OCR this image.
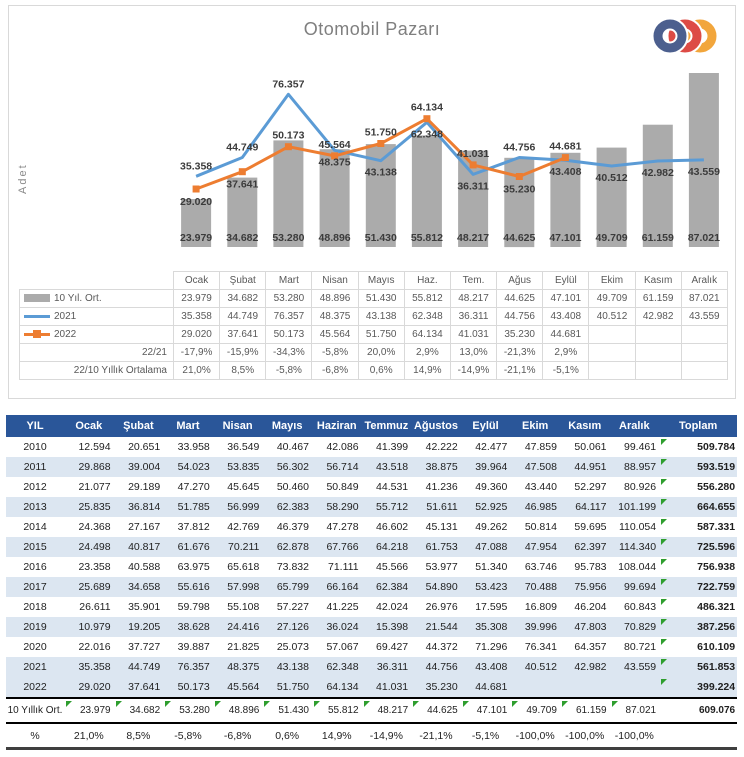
Otomobil Pazarı
Adet
23.979 34.682 53.280 48.896 51.430 55.812 48.217 44.625 47.101 49.709 61.159 87.021
35.358
44.749
76.357
48.375
43.138
62.348
36.311
44.756
43.408 40.512 42.982 43.559
29.020
37.641
50.173
45.564
51.750
64.134
41.031
35.230
44.681
	Ocak	Şubat	Mart	Nisan	Mayıs	Haz.	Tem.	Ağus	Eylül	Ekim	Kasım	Aralık
10 Yıl. Ort.	23.979	34.682	53.280	48.896	51.430	55.812	48.217	44.625	47.101	49.709	61.159	87.021
2021	35.358	44.749	76.357	48.375	43.138	62.348	36.311	44.756	43.408	40.512	42.982	43.559

2022	29.020	37.641	50.173	45.564	51.750	64.134	41.031	35.230	44.681			
22/21	-17,9%	-15,9%	-34,3%	-5,8%	20,0%	2,9%	13,0%	-21,3%	2,9%			
22/10 Yıllık Ortalama	21,0%	8,5%	-5,8%	-6,8%	0,6%	14,9%	-14,9%	-21,1%	-5,1%			
YIL	Ocak	Şubat	Mart	Nisan	Mayıs	Haziran	Temmuz	Ağustos	Eylül	Ekim	Kasım	Aralık	Toplam
2010	12.594	20.651	33.958	36.549	40.467	42.086	41.399	42.222	42.477	47.859	50.061	99.461	509.784
2011	29.868	39.004	54.023	53.835	56.302	56.714	43.518	38.875	39.964	47.508	44.951	88.957	593.519
2012	21.077	29.189	47.270	45.645	50.460	50.849	44.531	41.236	49.360	43.440	52.297	80.926	556.280
2013	25.835	36.814	51.785	56.999	62.383	58.290	55.712	51.611	52.925	46.985	64.117	101.199	664.655
2014	24.368	27.167	37.812	42.769	46.379	47.278	46.602	45.131	49.262	50.814	59.695	110.054	587.331
2015	24.498	40.817	61.676	70.211	62.878	67.766	64.218	61.753	47.088	47.954	62.397	114.340	725.596
2016	23.358	40.588	63.975	65.618	73.832	71.111	45.566	53.977	51.340	63.746	95.783	108.044	756.938
2017	25.689	34.658	55.616	57.998	65.799	66.164	62.384	54.890	53.423	70.488	75.956	99.694	722.759
2018	26.611	35.901	59.798	55.108	57.227	41.225	42.024	26.976	17.595	16.809	46.204	60.843	486.321
2019	10.979	19.205	38.628	24.416	27.126	36.024	15.398	21.544	35.308	39.996	47.803	70.829	387.256
2020	22.016	37.727	39.887	21.825	25.073	57.067	69.427	44.372	71.296	76.341	64.357	80.721	610.109
2021	35.358	44.749	76.357	48.375	43.138	62.348	36.311	44.756	43.408	40.512	42.982	43.559	561.853
2022	29.020	37.641	50.173	45.564	51.750	64.134	41.031	35.230	44.681				399.224
10 Yıllık Ort.	23.979	34.682	53.280	48.896	51.430	55.812	48.217	44.625	47.101	49.709	61.159	87.021	609.076
%	21,0%	8,5%	-5,8%	-6,8%	0,6%	14,9%	-14,9%	-21,1%	-5,1%	-100,0%	-100,0%	-100,0%	
